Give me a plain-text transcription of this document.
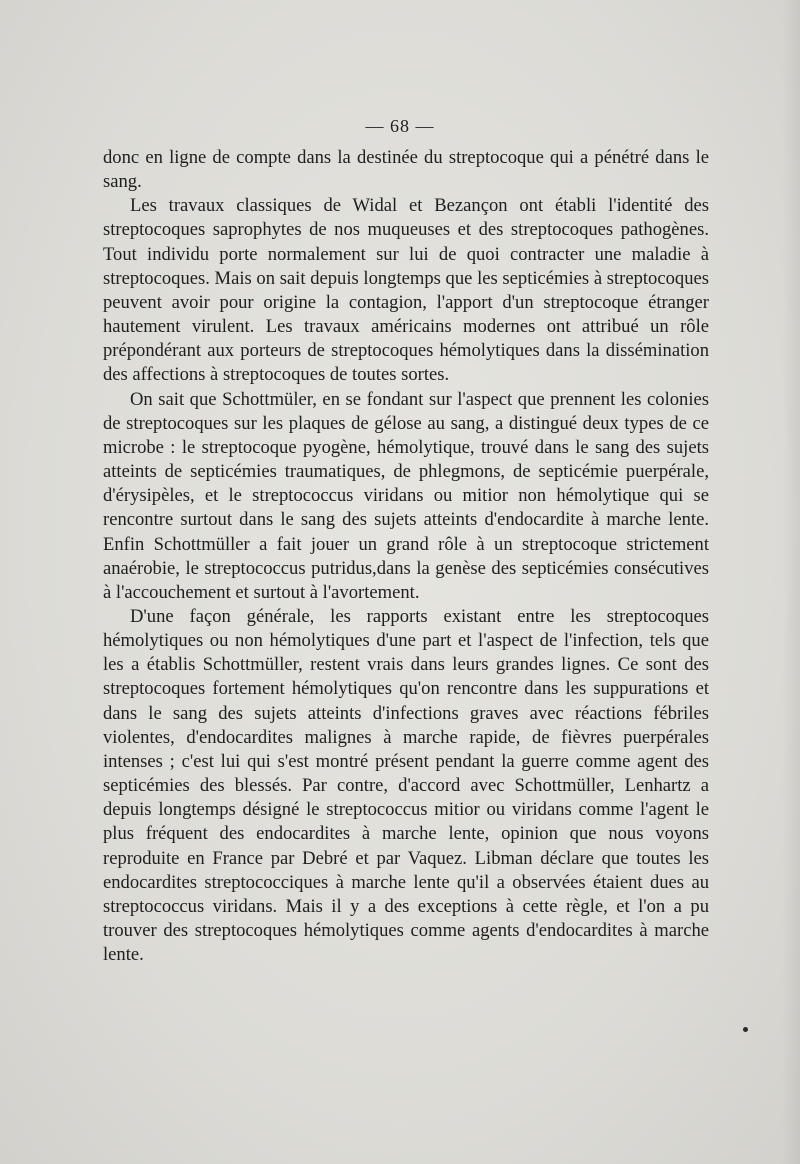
— 68 —

donc en ligne de compte dans la destinée du streptocoque qui a pénétré dans le sang.

Les travaux classiques de Widal et Bezançon ont établi l'identité des streptocoques saprophytes de nos muqueuses et des streptocoques pathogènes. Tout individu porte normalement sur lui de quoi contracter une maladie à streptocoques. Mais on sait depuis longtemps que les septicémies à streptocoques peuvent avoir pour origine la contagion, l'apport d'un streptocoque étranger hautement virulent. Les travaux américains modernes ont attribué un rôle prépondérant aux porteurs de streptocoques hémolytiques dans la dissémination des affections à streptocoques de toutes sortes.

On sait que Schottmüler, en se fondant sur l'aspect que prennent les colonies de streptocoques sur les plaques de gélose au sang, a distingué deux types de ce microbe : le streptocoque pyogène, hémolytique, trouvé dans le sang des sujets atteints de septicémies traumatiques, de phlegmons, de septicémie puerpérale, d'érysipèles, et le streptococcus viridans ou mitior non hémolytique qui se rencontre surtout dans le sang des sujets atteints d'endocardite à marche lente. Enfin Schottmüller a fait jouer un grand rôle à un streptocoque strictement anaérobie, le streptococcus putridus,dans la genèse des septicémies consécutives à l'accouchement et surtout à l'avortement.

D'une façon générale, les rapports existant entre les streptocoques hémolytiques ou non hémolytiques d'une part et l'aspect de l'infection, tels que les a établis Schottmüller, restent vrais dans leurs grandes lignes. Ce sont des streptocoques fortement hémolytiques qu'on rencontre dans les suppurations et dans le sang des sujets atteints d'infections graves avec réactions fébriles violentes, d'endocardites malignes à marche rapide, de fièvres puerpérales intenses ; c'est lui qui s'est montré présent pendant la guerre comme agent des septicémies des blessés. Par contre, d'accord avec Schottmüller, Lenhartz a depuis longtemps désigné le streptococcus mitior ou viridans comme l'agent le plus fréquent des endocardites à marche lente, opinion que nous voyons reproduite en France par Debré et par Vaquez. Libman déclare que toutes les endocardites streptococciques à marche lente qu'il a observées étaient dues au streptococcus viridans. Mais il y a des exceptions à cette règle, et l'on a pu trouver des streptocoques hémolytiques comme agents d'endocardites à marche lente.
